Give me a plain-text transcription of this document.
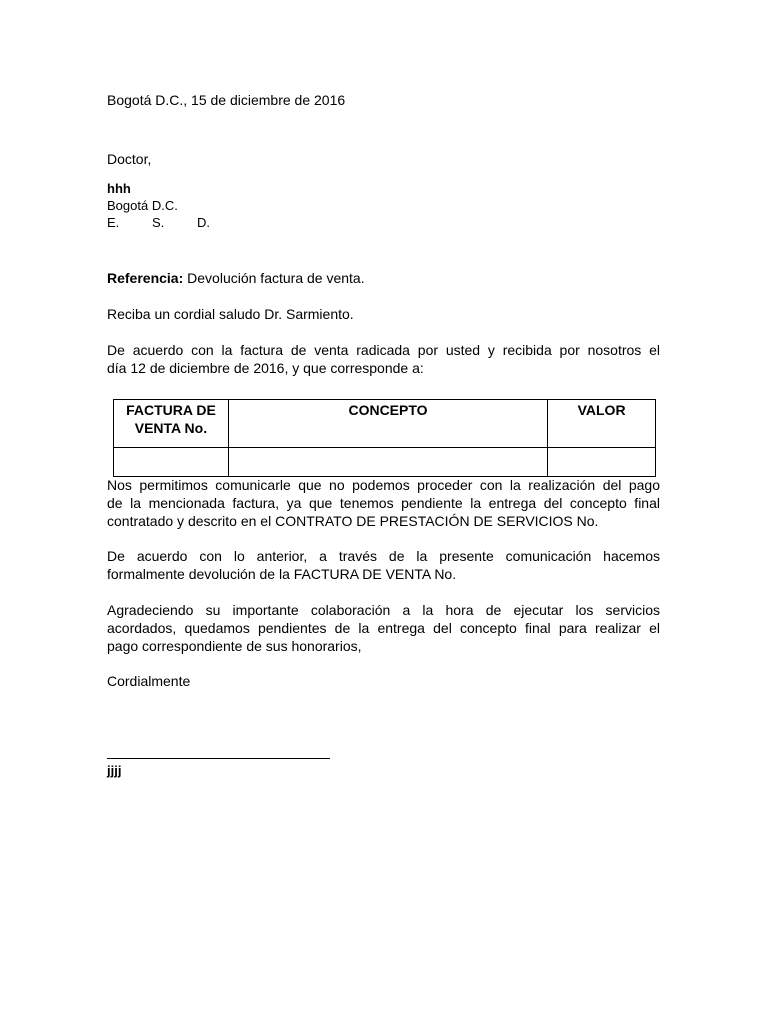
Bogotá D.C., 15 de diciembre de 2016
Doctor,
hhh
Bogotá D.C.
E.	S.	D.
Referencia: Devolución factura de venta.
Reciba un cordial saludo Dr. Sarmiento.
De acuerdo con la factura de venta radicada por usted y recibida por nosotros el
día 12 de diciembre de 2016, y que corresponde a:
FACTURA DE VENTA No.	CONCEPTO	VALOR

Nos permitimos comunicarle que no podemos proceder con la realización del pago
de la mencionada factura, ya que tenemos pendiente la entrega del concepto final
contratado y descrito en el CONTRATO DE PRESTACIÓN DE SERVICIOS No.
De acuerdo con lo anterior, a través de la presente comunicación hacemos
formalmente devolución de la FACTURA DE VENTA No.
Agradeciendo su importante colaboración a la hora de ejecutar los servicios
acordados, quedamos pendientes de la entrega del concepto final para realizar el
pago correspondiente de sus honorarios,
Cordialmente
jjjj
